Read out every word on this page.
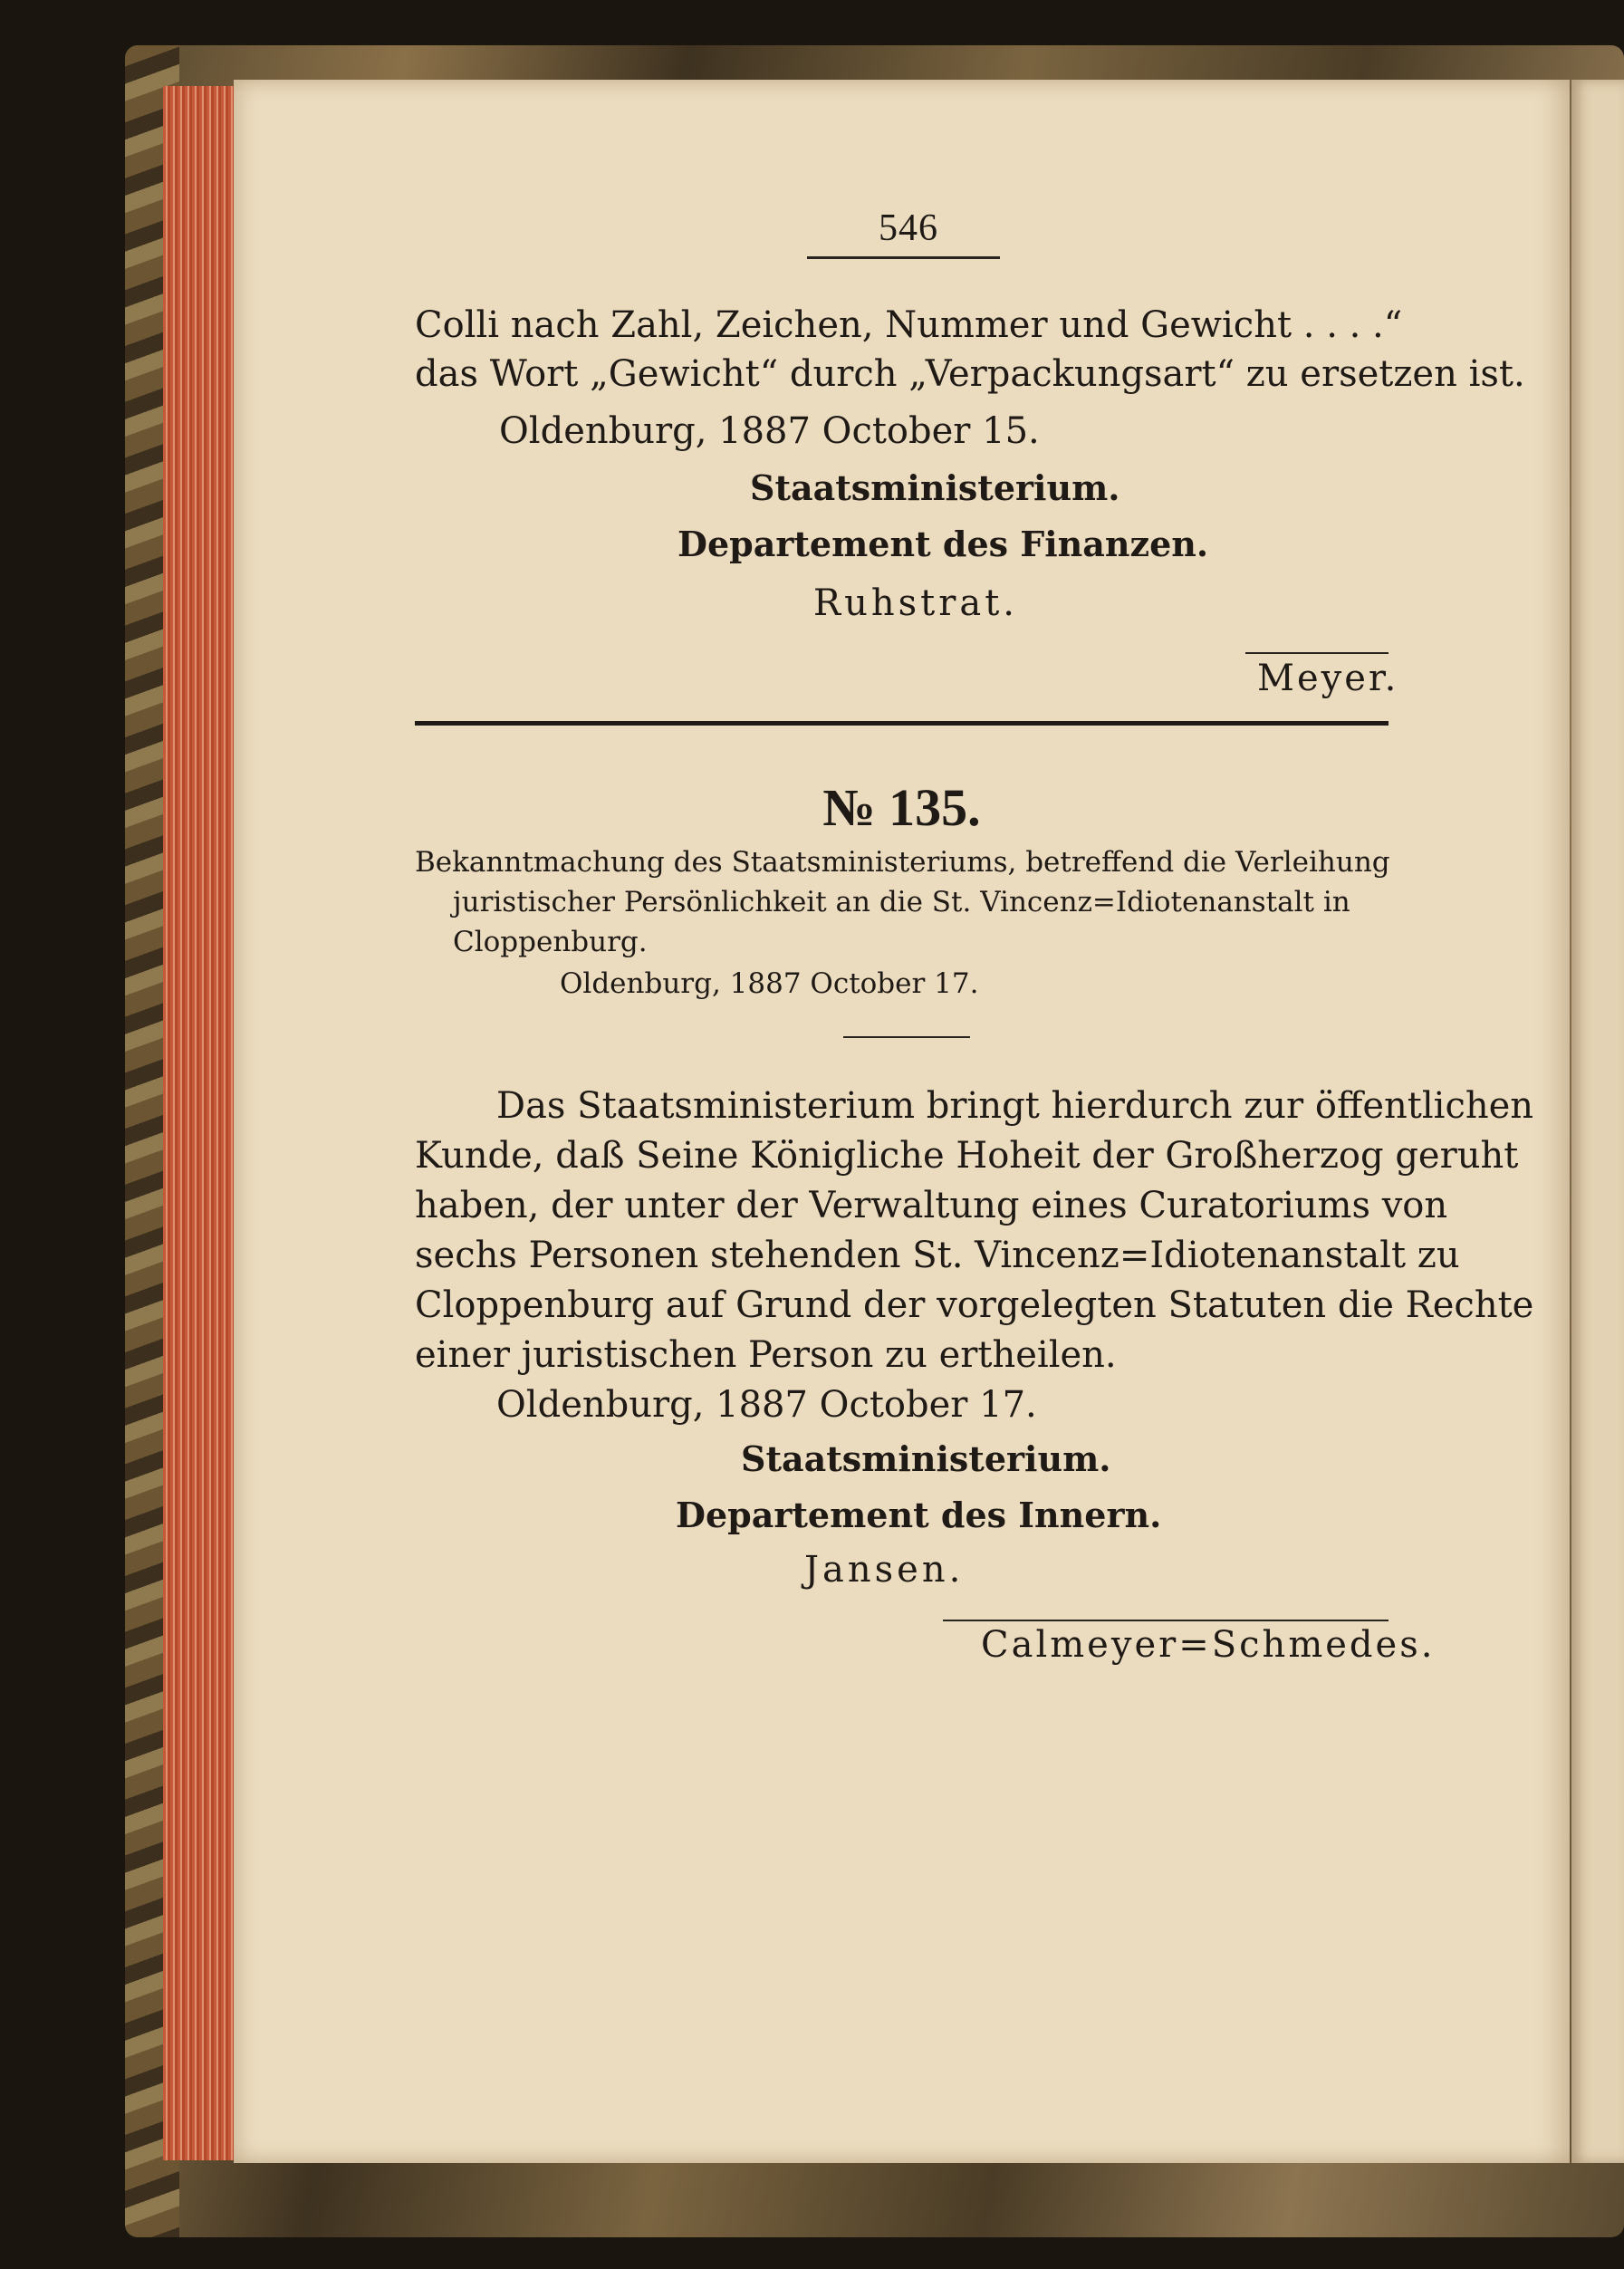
546
Colli nach Zahl, Zeichen, Nummer und Gewicht . . . .“
das Wort „Gewicht“ durch „Verpackungsart“ zu ersetzen ist.
Oldenburg, 1887 October 15.
Staatsministerium.
Departement des Finanzen.
Ruhstrat.
Meyer.
№ 135.
Bekanntmachung des Staatsministeriums, betreffend die Verleihung
juristischer Persönlichkeit an die St. Vincenz=Idiotenanstalt in
Cloppenburg.
Oldenburg, 1887 October 17.
Das Staatsministerium bringt hierdurch zur öffentlichen
Kunde, daß Seine Königliche Hoheit der Großherzog geruht
haben, der unter der Verwaltung eines Curatoriums von
sechs Personen stehenden St. Vincenz=Idiotenanstalt zu
Cloppenburg auf Grund der vorgelegten Statuten die Rechte
einer juristischen Person zu ertheilen.
Oldenburg, 1887 October 17.
Staatsministerium.
Departement des Innern.
Jansen.
Calmeyer=Schmedes.
